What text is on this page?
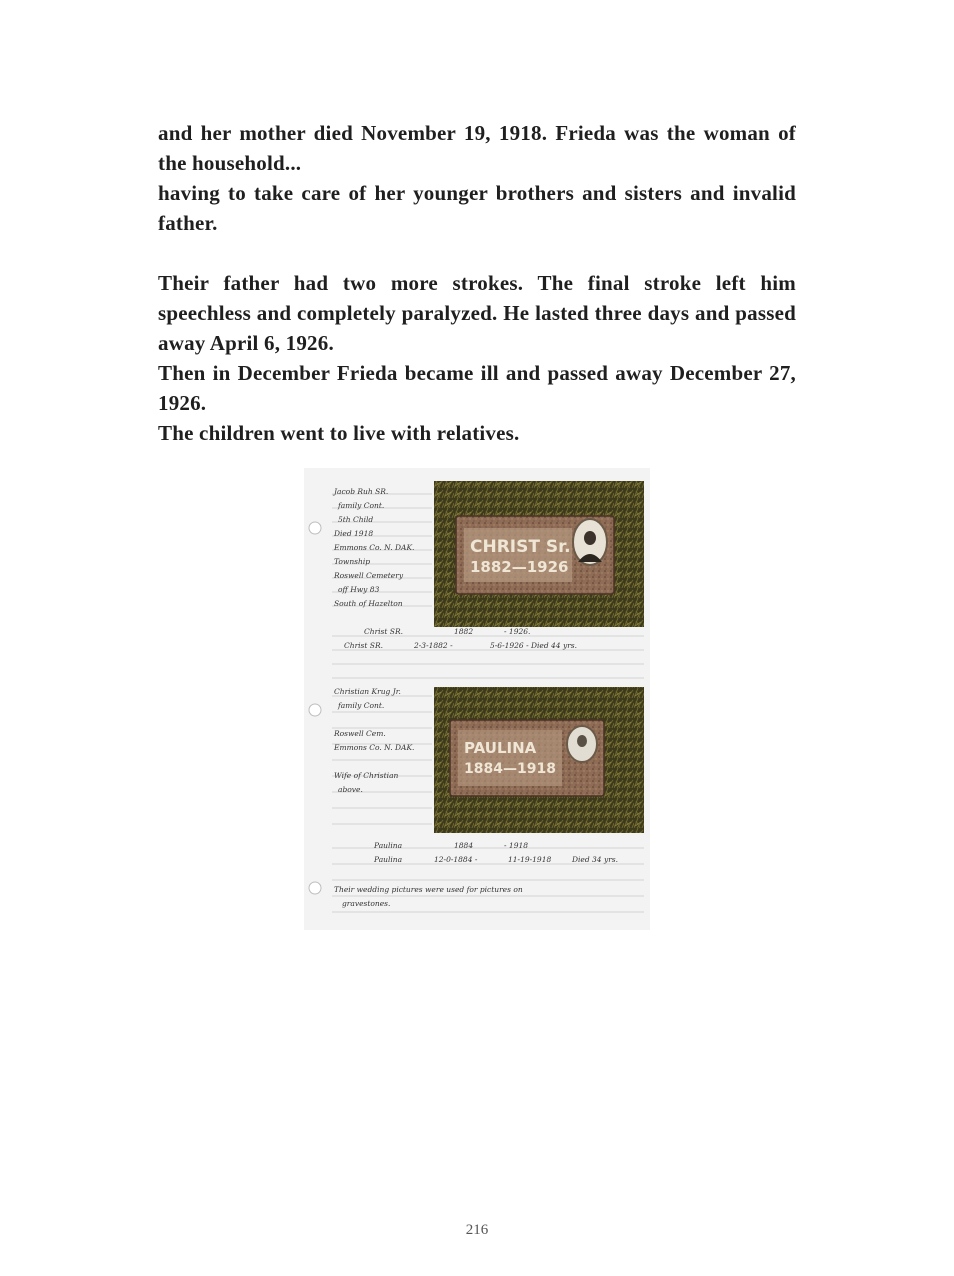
and her mother died November 19, 1918. Frieda was the woman of the household...

having to take care of her younger brothers and sisters and invalid father.

Their father had two more strokes. The final stroke left him speechless and completely paralyzed. He lasted three days and passed away April 6, 1926.

Then in December Frieda became ill and passed away December 27, 1926.

The children went to live with relatives.

CHRIST Sr.
1882—1926
PAULINA
1884—1918
Jacob Ruh SR.
family Cont.
5th Child
Died 1918
Emmons Co. N. DAK.
Township
Roswell Cemetery
off Hwy 83
South of Hazelton
Christ SR.	1882	- 1926.
Christ SR.	2-3-1882 -	5-6-1926 - Died 44 yrs.
Christian Krug Jr.
family Cont.
Roswell Cem.
Emmons Co. N. DAK.
Wife of Christian
above.
Paulina	1884	- 1918
Paulina	12-0-1884 -	11-19-1918	Died 34 yrs.
Their wedding pictures were used for pictures on
gravestones.
216
